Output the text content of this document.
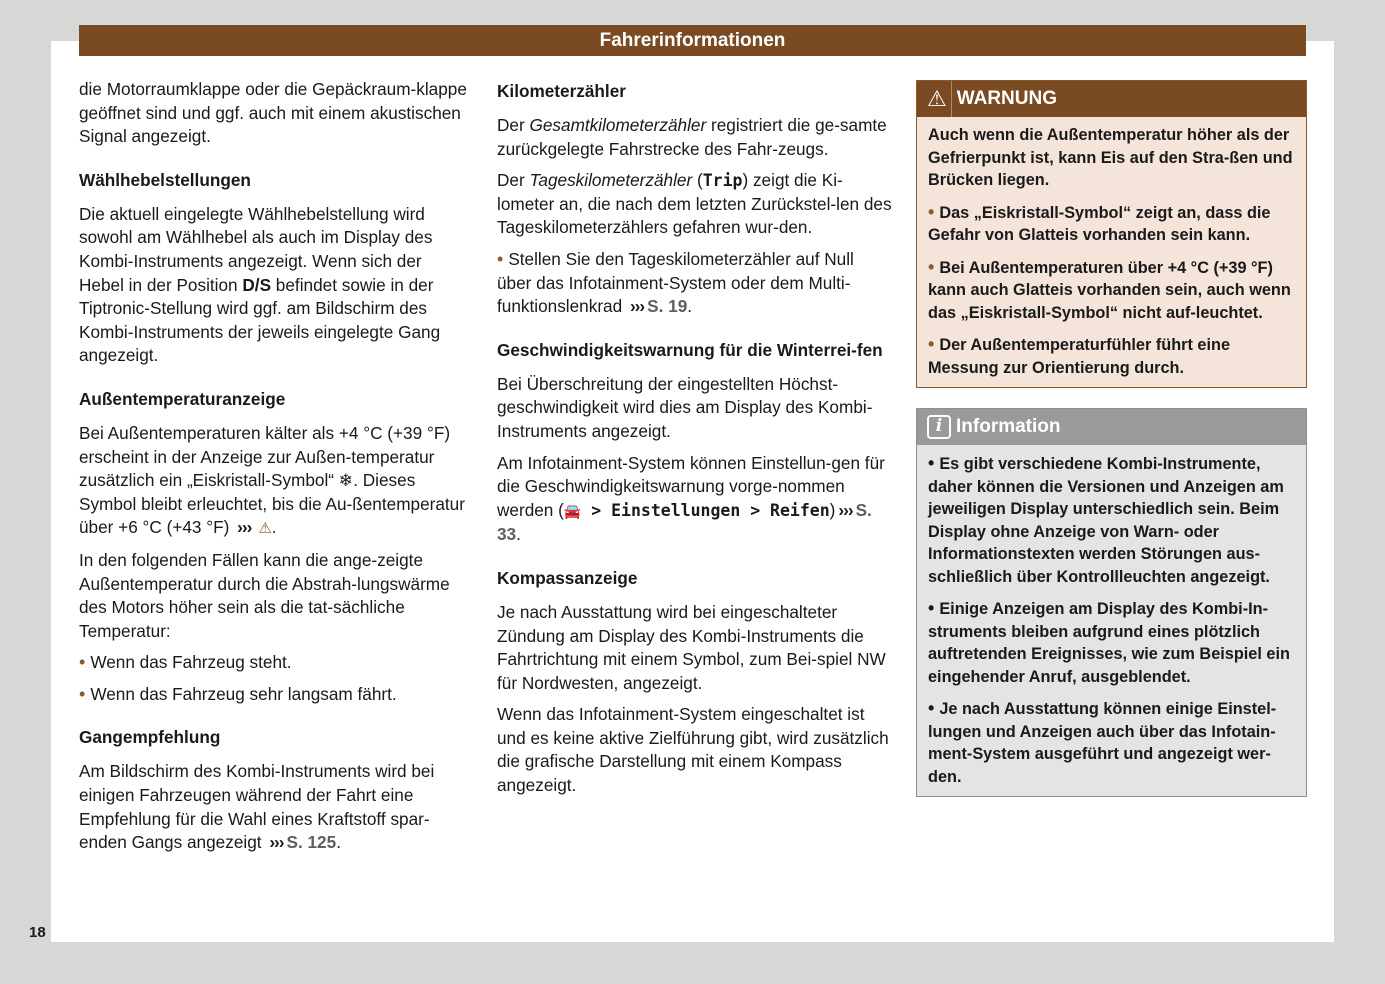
Fahrerinformationen

die Motorraumklappe oder die Gepäckraum-klappe geöffnet sind und ggf. auch mit einem akustischen Signal angezeigt.

Wählhebelstellungen

Die aktuell eingelegte Wählhebelstellung wird sowohl am Wählhebel als auch im Display des Kombi-Instruments angezeigt. Wenn sich der Hebel in der Position D/S befindet sowie in der Tiptronic-Stellung wird ggf. am Bildschirm des Kombi-Instruments der jeweils eingelegte Gang angezeigt.

Außentemperaturanzeige

Bei Außentemperaturen kälter als +4 °C (+39 °F) erscheint in der Anzeige zur Außen-temperatur zusätzlich ein „Eiskristall-Symbol“ ❄. Dieses Symbol bleibt erleuchtet, bis die Au-ßentemperatur über +6 °C (+43 °F) ››› ⚠.

In den folgenden Fällen kann die ange-zeigte Außentemperatur durch die Abstrah-lungswärme des Motors höher sein als die tat-sächliche Temperatur:

• Wenn das Fahrzeug steht.

• Wenn das Fahrzeug sehr langsam fährt.

Gangempfehlung

Am Bildschirm des Kombi-Instruments wird bei einigen Fahrzeugen während der Fahrt eine Empfehlung für die Wahl eines Kraftstoff spar-enden Gangs angezeigt ››› S. 125.

Kilometerzähler

Der Gesamtkilometerzähler registriert die ge-samte zurückgelegte Fahrstrecke des Fahr-zeugs.

Der Tageskilometerzähler (Trip) zeigt die Ki-lometer an, die nach dem letzten Zurückstel-len des Tageskilometerzählers gefahren wur-den.

• Stellen Sie den Tageskilometerzähler auf Null über das Infotainment-System oder dem Multi-funktionslenkrad ››› S. 19.

Geschwindigkeitswarnung für die Winterrei-fen

Bei Überschreitung der eingestellten Höchst-geschwindigkeit wird dies am Display des Kombi-Instruments angezeigt.

Am Infotainment-System können Einstellun-gen für die Geschwindigkeitswarnung vorge-nommen werden (🚘 > Einstellungen > Reifen) ››› S. 33.

Kompassanzeige

Je nach Ausstattung wird bei eingeschalteter Zündung am Display des Kombi-Instruments die Fahrtrichtung mit einem Symbol, zum Bei-spiel NW für Nordwesten, angezeigt.

Wenn das Infotainment-System eingeschaltet ist und es keine aktive Zielführung gibt, wird zusätzlich die grafische Darstellung mit einem Kompass angezeigt.

⚠ WARNUNG

Auch wenn die Außentemperatur höher als der Gefrierpunkt ist, kann Eis auf den Stra-ßen und Brücken liegen.

• Das „Eiskristall-Symbol“ zeigt an, dass die Gefahr von Glatteis vorhanden sein kann.

• Bei Außentemperaturen über +4 °C (+39 °F) kann auch Glatteis vorhanden sein, auch wenn das „Eiskristall-Symbol“ nicht auf-leuchtet.

• Der Außentemperaturfühler führt eine Messung zur Orientierung durch.

i Information

• Es gibt verschiedene Kombi-Instrumente, daher können die Versionen und Anzeigen am jeweiligen Display unterschiedlich sein. Beim Display ohne Anzeige von Warn- oder Informationstexten werden Störungen aus-schließlich über Kontrollleuchten angezeigt.

• Einige Anzeigen am Display des Kombi-In-struments bleiben aufgrund eines plötzlich auftretenden Ereignisses, wie zum Beispiel ein eingehender Anruf, ausgeblendet.

• Je nach Ausstattung können einige Einstel-lungen und Anzeigen auch über das Infotain-ment-System ausgeführt und angezeigt wer-den.

18
